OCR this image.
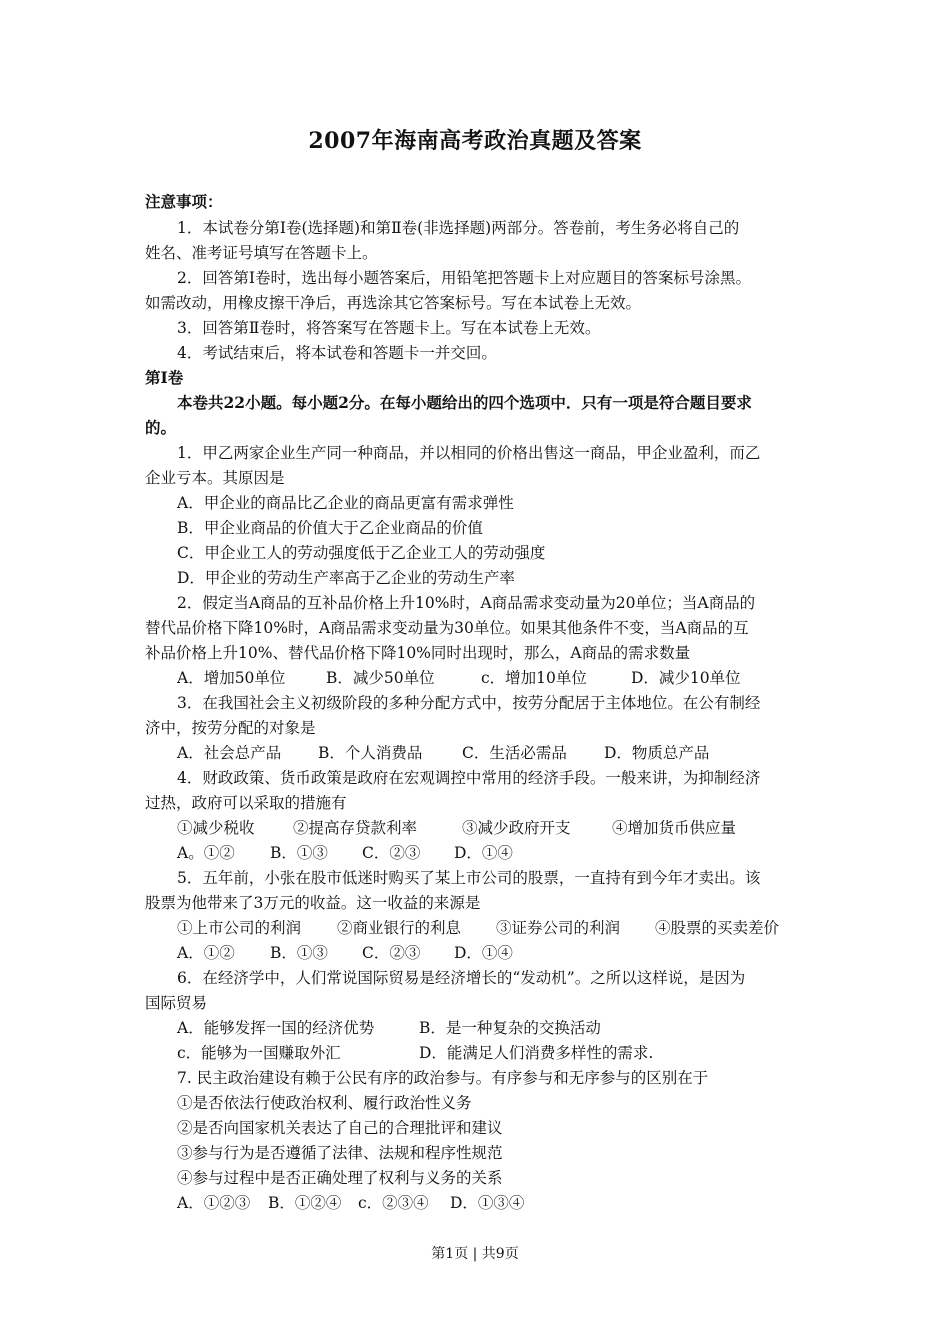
2007年海南高考政治真题及答案
注意事项：
1．本试卷分第Ⅰ卷(选择题)和第Ⅱ卷(非选择题)两部分。答卷前，考生务必将自己的
姓名、准考证号填写在答题卡上。
2．回答第Ⅰ卷时，选出每小题答案后，用铅笔把答题卡上对应题目的答案标号涂黑。
如需改动，用橡皮擦干净后，再选涂其它答案标号。写在本试卷上无效。
3．回答第Ⅱ卷时，将答案写在答题卡上。写在本试卷上无效。
4．考试结束后，将本试卷和答题卡一并交回。
第Ⅰ卷
本卷共22小题。每小题2分。在每小题给出的四个选项中．只有一项是符合题目要求
的。
1．甲乙两家企业生产同一种商品，并以相同的价格出售这一商品，甲企业盈利，而乙
企业亏本。其原因是
A．甲企业的商品比乙企业的商品更富有需求弹性
B．甲企业商品的价值大于乙企业商品的价值
C．甲企业工人的劳动强度低于乙企业工人的劳动强度
D．甲企业的劳动生产率高于乙企业的劳动生产率
2．假定当A商品的互补品价格上升10%时，A商品需求变动量为20单位；当A商品的
替代品价格下降10%时，A商品需求变动量为30单位。如果其他条件不变，当A商品的互
补品价格上升10%、替代品价格下降10%同时出现时，那么，A商品的需求数量
A．增加50单位	B．减少50单位	c．增加10单位	D．减少10单位
3．在我国社会主义初级阶段的多种分配方式中，按劳分配居于主体地位。在公有制经
济中，按劳分配的对象是
A．社会总产品 B．个人消费品	C．生活必需品 D．物质总产品
4．财政政策、货币政策是政府在宏观调控中常用的经济手段。一般来讲，为抑制经济
过热，政府可以采取的措施有
①减少税收 ②提高存贷款利率	③减少政府开支	④增加货币供应量
A。①② B．①③ C．②③ D．①④
5．五年前，小张在股市低迷时购买了某上市公司的股票，一直持有到今年才卖出。该
股票为他带来了3万元的收益。这一收益的来源是
①上市公司的利润 ②商业银行的利息 ③证券公司的利润 ④股票的买卖差价
A．①② B．①③ C．②③ D．①④
6．在经济学中，人们常说国际贸易是经济增长的“发动机”。之所以这样说，是因为
国际贸易
A．能够发挥一国的经济优势	B．是一种复杂的交换活动
c．能够为一国赚取外汇	D．能满足人们消费多样性的需求.
7. 民主政治建设有赖于公民有序的政治参与。有序参与和无序参与的区别在于
①是否依法行使政治权利、履行政治性义务
②是否向国家机关表达了自己的合理批评和建议
③参与行为是否遵循了法律、法规和程序性规范
④参与过程中是否正确处理了权利与义务的关系
A．①②③ B．①②④ c．②③④ D．①③④
第1页 | 共9页
